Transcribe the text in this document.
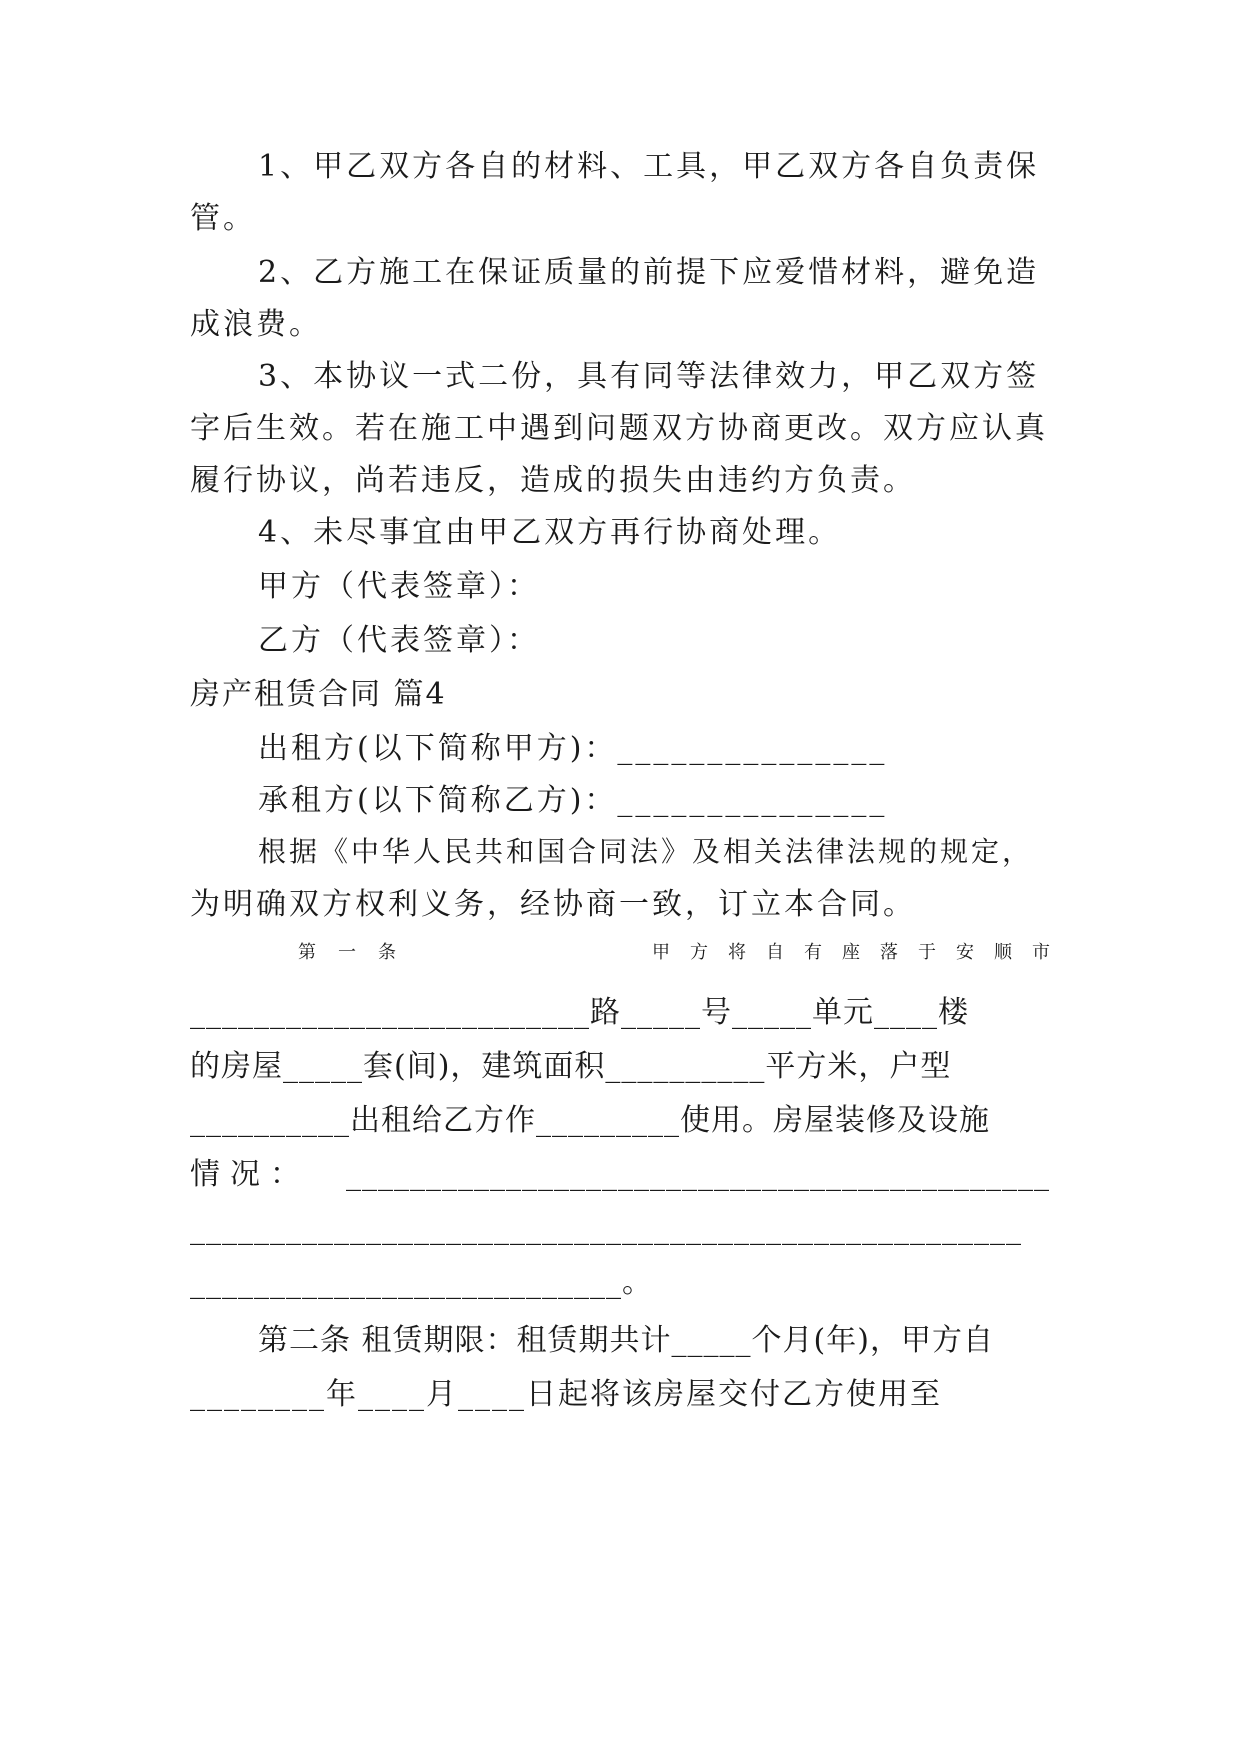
1、甲乙双方各自的材料、工具，甲乙双方各自负责保
管。
2、乙方施工在保证质量的前提下应爱惜材料，避免造
成浪费。
3、本协议一式二份，具有同等法律效力，甲乙双方签
字后生效。若在施工中遇到问题双方协商更改。双方应认真
履行协议，尚若违反，造成的损失由违约方负责。
4、未尽事宜由甲乙双方再行协商处理。
甲方（代表签章）：
乙方（代表签章）：
房产租赁合同 篇4
出租方(以下简称甲方)：_______________
承租方(以下简称乙方)：_______________
根据《中华人民共和国合同法》及相关法律法规的规定，
为明确双方权利义务，经协商一致，订立本合同。
第一条	甲方将自有座落于安顺市
_________________________路_____号_____单元____楼
的房屋_____套(间)，建筑面积__________平方米，户型
__________出租给乙方作_________使用。房屋装修及设施
情况： ____________________________________________
____________________________________________________
___________________________。
第二条 租赁期限：租赁期共计_____个月(年)，甲方自
________年____月____日起将该房屋交付乙方使用至
